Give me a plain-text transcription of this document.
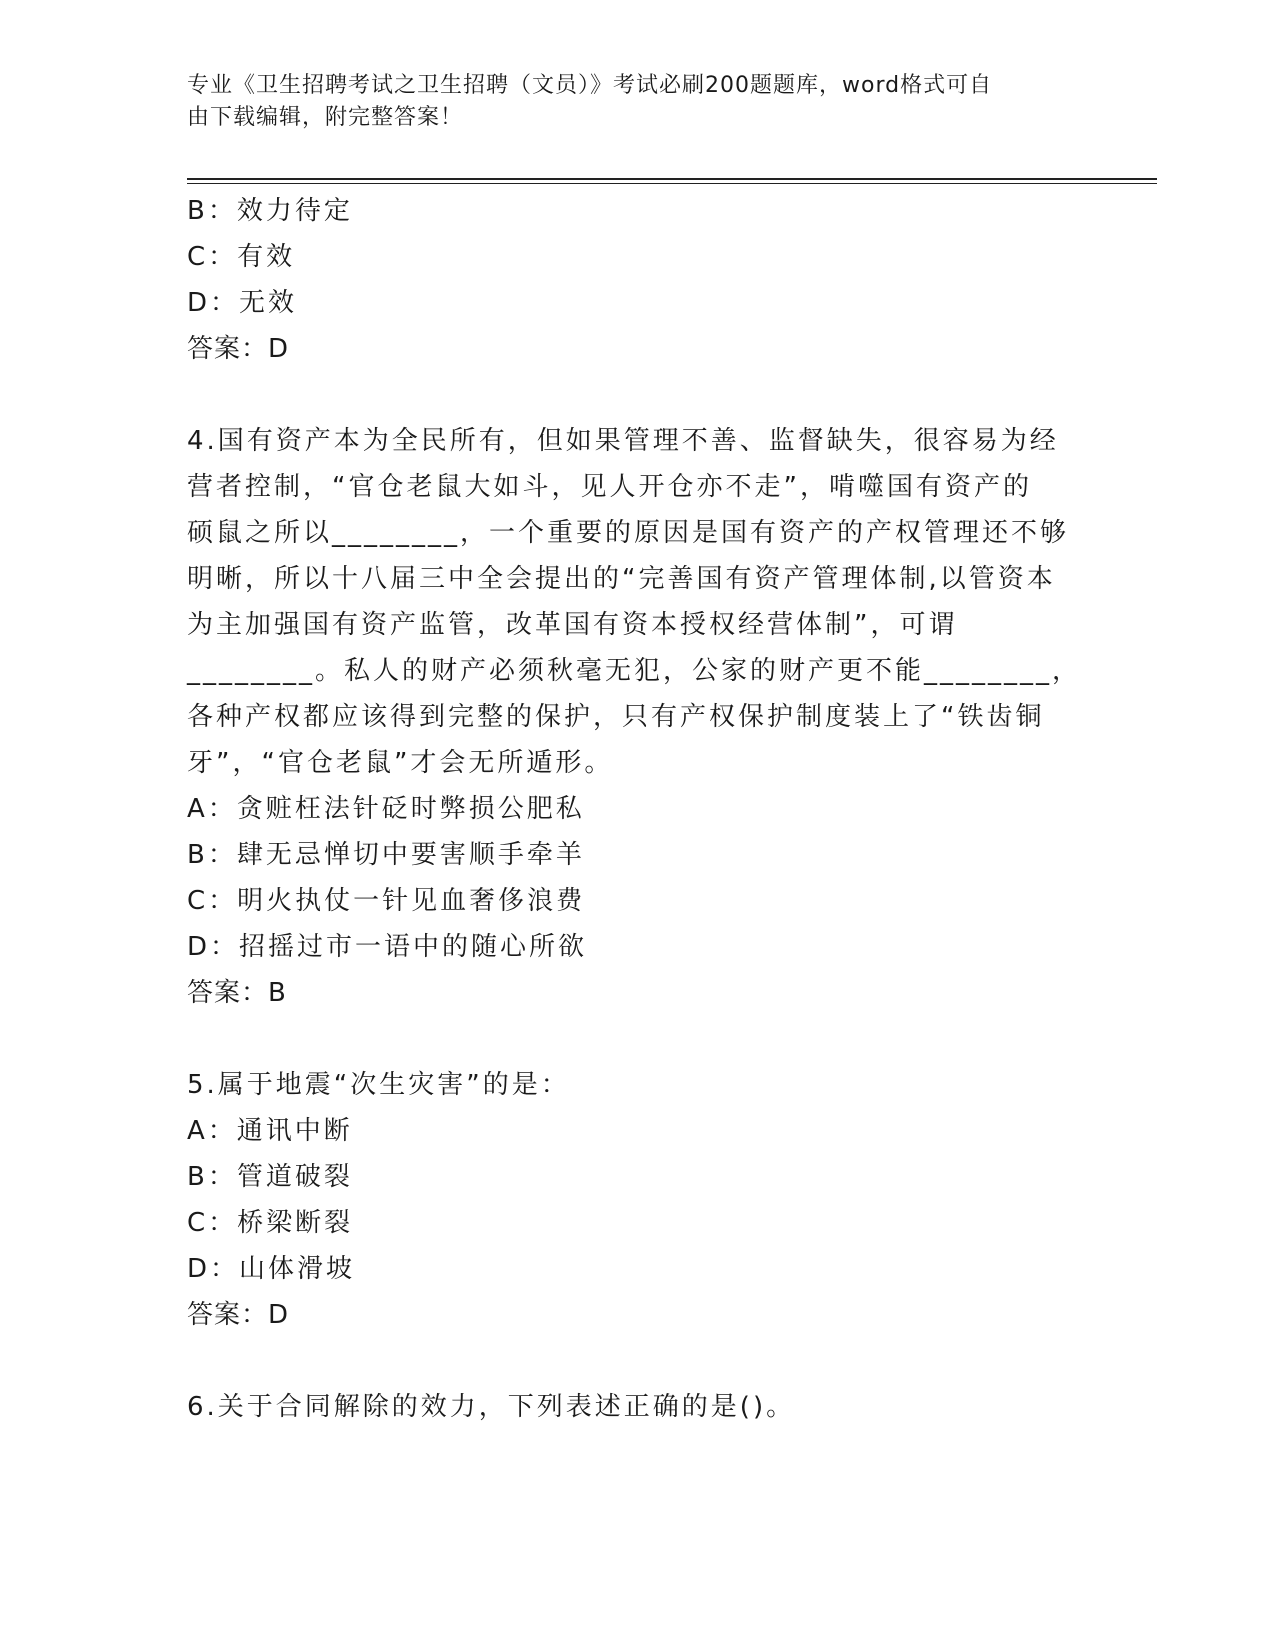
专业《卫生招聘考试之卫生招聘（文员）》考试必刷200题题库，word格式可自
由下载编辑，附完整答案！
B：效力待定
C：有效
D：无效
答案：D
4.国有资产本为全民所有，但如果管理不善、监督缺失，很容易为经
营者控制，“官仓老鼠大如斗，见人开仓亦不走”，啃噬国有资产的
硕鼠之所以________，一个重要的原因是国有资产的产权管理还不够
明晰，所以十八届三中全会提出的“完善国有资产管理体制,以管资本
为主加强国有资产监管，改革国有资本授权经营体制”，可谓
________。私人的财产必须秋毫无犯，公家的财产更不能________，
各种产权都应该得到完整的保护，只有产权保护制度装上了“铁齿铜
牙”，“官仓老鼠”才会无所遁形。
A：贪赃枉法针砭时弊损公肥私
B：肆无忌惮切中要害顺手牵羊
C：明火执仗一针见血奢侈浪费
D：招摇过市一语中的随心所欲
答案：B
5.属于地震“次生灾害”的是：
A：通讯中断
B：管道破裂
C：桥梁断裂
D：山体滑坡
答案：D
6.关于合同解除的效力，下列表述正确的是()。
